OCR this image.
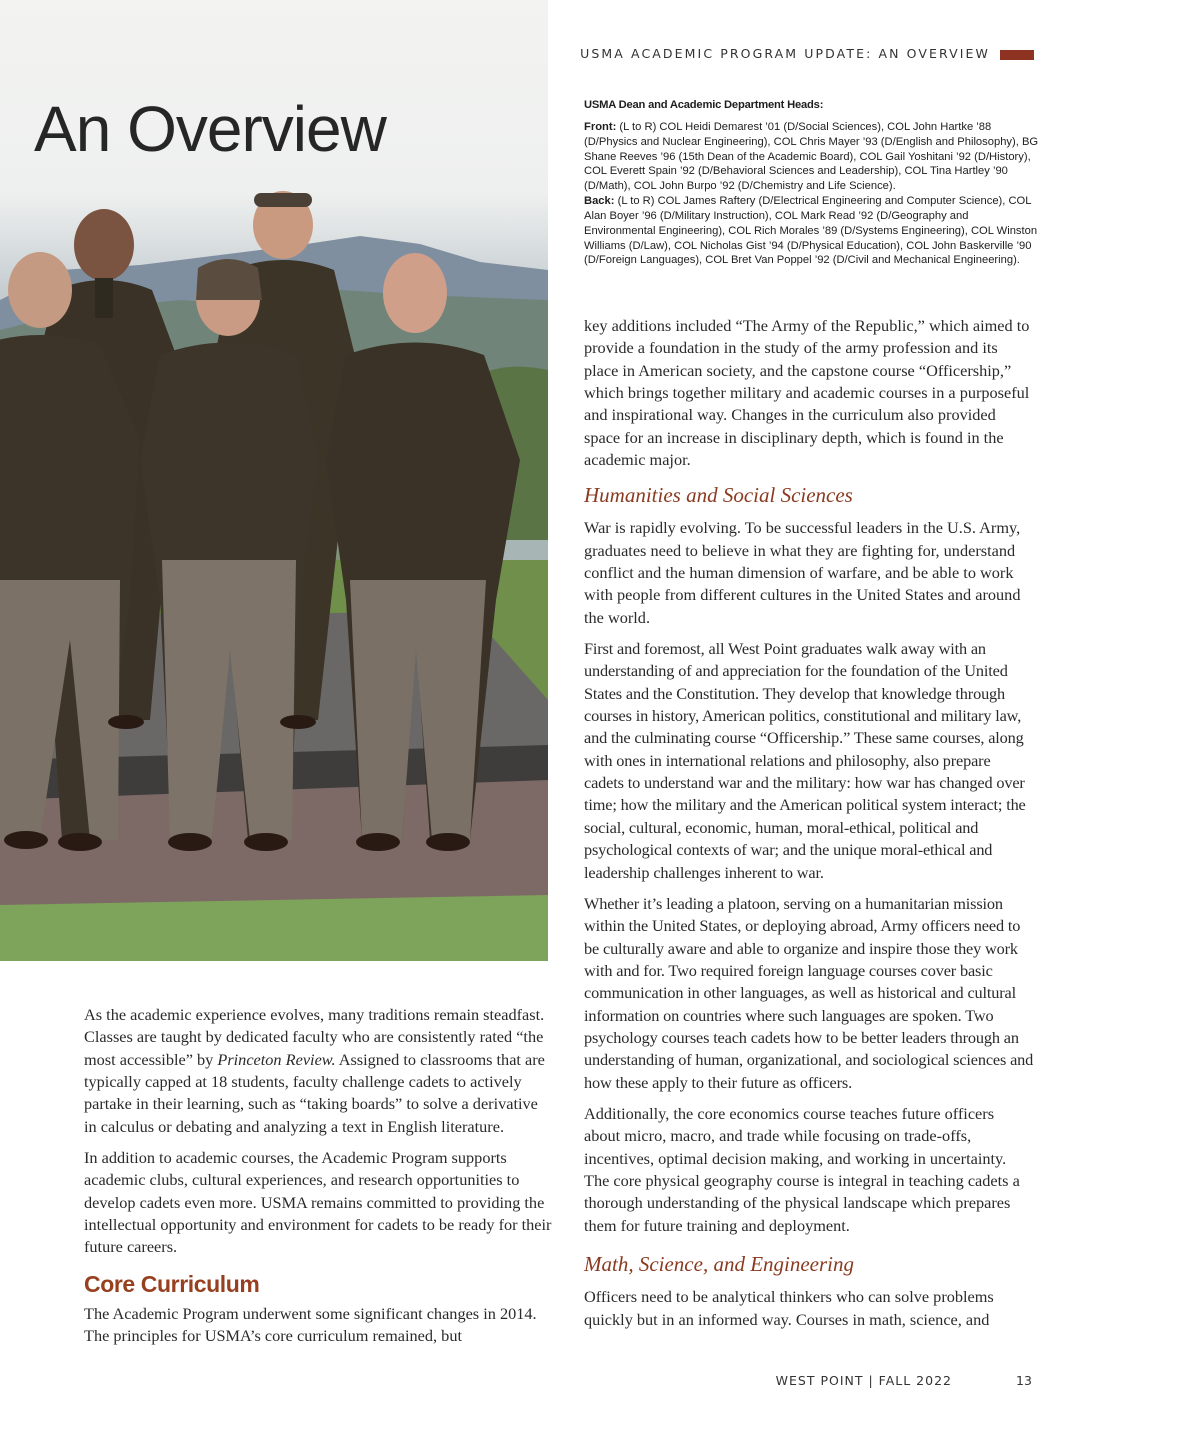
An Overview
USMA ACADEMIC PROGRAM UPDATE: AN OVERVIEW
USMA Dean and Academic Department Heads:

Front: (L to R) COL Heidi Demarest ’01 (D/Social Sciences), COL John Hartke ’88 (D/Physics and Nuclear Engineering), COL Chris Mayer ’93 (D/English and Philosophy), BG Shane Reeves ’96 (15th Dean of the Academic Board), COL Gail Yoshitani ’92 (D/History), COL Everett Spain ’92 (D/Behavioral Sciences and Leadership), COL Tina Hartley ’90 (D/Math), COL John Burpo ’92 (D/Chemistry and Life Science).

Back: (L to R) COL James Raftery (D/Electrical Engineering and Computer Science), COL Alan Boyer ’96 (D/Military Instruction), COL Mark Read ’92 (D/Geography and Environmental Engineering), COL Rich Morales ’89 (D/Systems Engineering), COL Winston Williams (D/Law), COL Nicholas Gist ’94 (D/Physical Education), COL John Baskerville ’90 (D/Foreign Languages), COL Bret Van Poppel ’92 (D/Civil and Mechanical Engineering).

key additions included “The Army of the Republic,” which aimed to provide a foundation in the study of the army profession and its place in American society, and the capstone course “Officership,” which brings together military and academic courses in a purposeful and inspirational way. Changes in the curriculum also provided space for an increase in disciplinary depth, which is found in the academic major.

Humanities and Social Sciences

War is rapidly evolving. To be successful leaders in the U.S. Army, graduates need to believe in what they are fighting for, understand conflict and the human dimension of warfare, and be able to work with people from different cultures in the United States and around the world.

First and foremost, all West Point graduates walk away with an understanding of and appreciation for the foundation of the United States and the Constitution. They develop that knowledge through courses in history, American politics, constitutional and military law, and the culminating course “Officership.” These same courses, along with ones in international relations and philosophy, also prepare cadets to understand war and the military: how war has changed over time; how the military and the American political system interact; the social, cultural, economic, human, moral-ethical, political and psychological contexts of war; and the unique moral-ethical and leadership challenges inherent to war.

Whether it’s leading a platoon, serving on a humanitarian mission within the United States, or deploying abroad, Army officers need to be culturally aware and able to organize and inspire those they work with and for. Two required foreign language courses cover basic communication in other languages, as well as historical and cultural information on countries where such languages are spoken. Two psychology courses teach cadets how to be better leaders through an understanding of human, organizational, and sociological sciences and how these apply to their future as officers.

Additionally, the core economics course teaches future officers about micro, macro, and trade while focusing on trade-offs, incentives, optimal decision making, and working in uncertainty. The core physical geography course is integral in teaching cadets a thorough understanding of the physical landscape which prepares them for future training and deployment.

Math, Science, and Engineering

Officers need to be analytical thinkers who can solve problems quickly but in an informed way. Courses in math, science, and

As the academic experience evolves, many traditions remain steadfast. Classes are taught by dedicated faculty who are consistently rated “the most accessible” by Princeton Review. Assigned to classrooms that are typically capped at 18 students, faculty challenge cadets to actively partake in their learning, such as “taking boards” to solve a derivative in calculus or debating and analyzing a text in English literature.

In addition to academic courses, the Academic Program supports academic clubs, cultural experiences, and research opportunities to develop cadets even more. USMA remains committed to providing the intellectual opportunity and environment for cadets to be ready for their future careers.

Core Curriculum

The Academic Program underwent some significant changes in 2014. The principles for USMA’s core curriculum remained, but

WEST POINT | FALL 2022	13
